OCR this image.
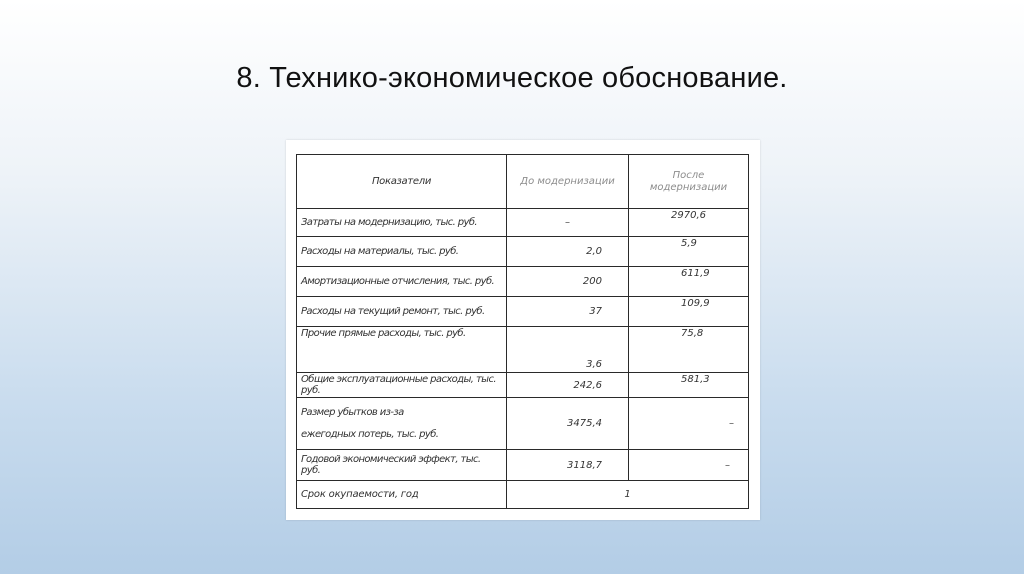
8. Технико-экономическое обоснование.
Показатели	До модернизации	После модернизации
Затраты на модернизацию, тыс. руб.	–	2970,6
Расходы на материалы, тыс. руб.	2,0	5,9
Амортизационные отчисления, тыс. руб.	200	611,9
Расходы на текущий ремонт, тыс. руб.	37	109,9
Прочие прямые расходы, тыс. руб.	3,6	75,8
Общие эксплуатационные расходы, тыс. руб.	242,6	581,3

Размер убытков из-за
ежегодных потерь, тыс. руб.	3475,4	–
Годовой экономический эффект, тыс. руб.	3118,7	–
Срок окупаемости, год	1	
